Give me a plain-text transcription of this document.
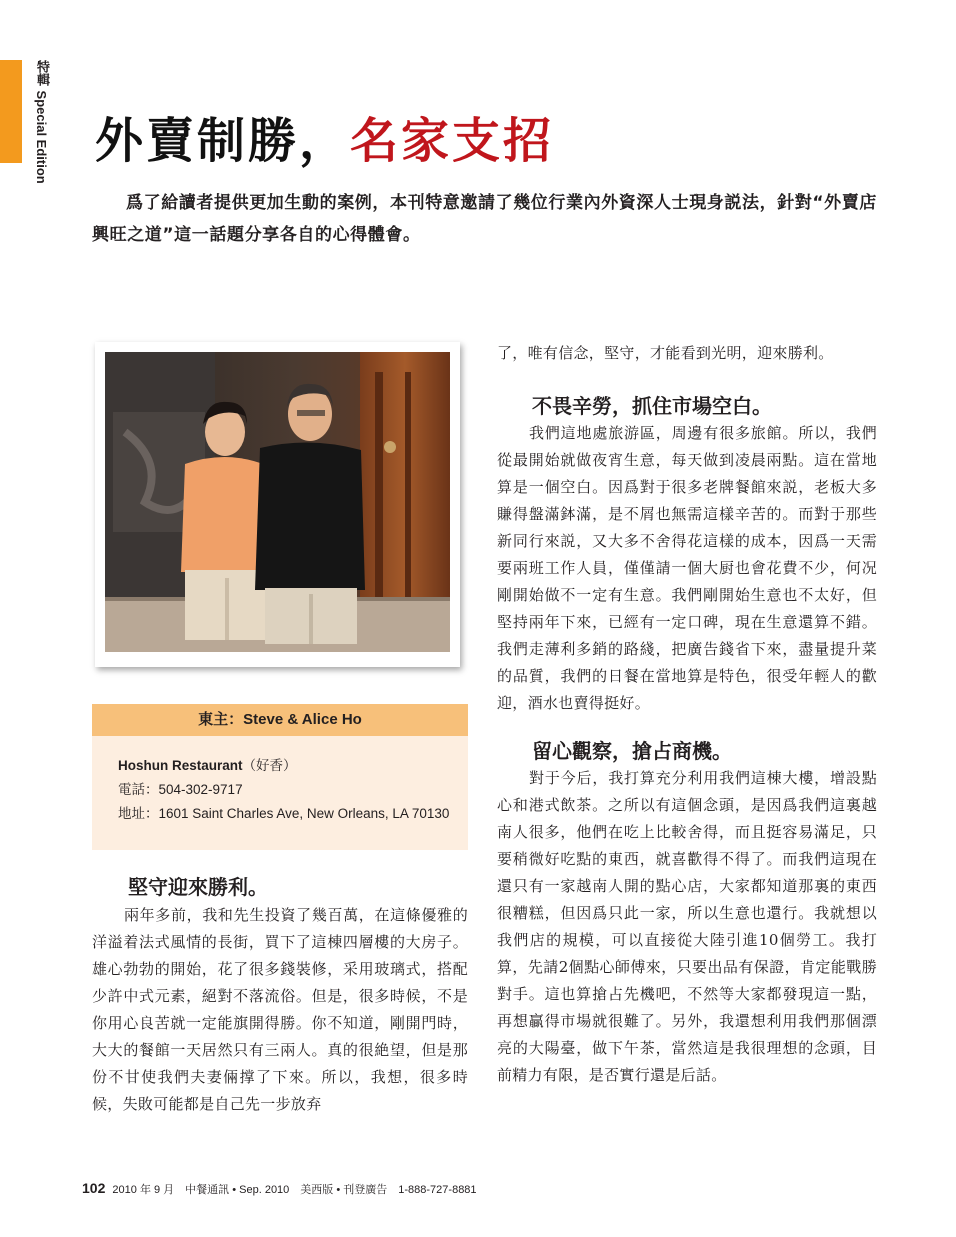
特輯 Special Edition 外賣制勝，名家支招

爲了給讀者提供更加生動的案例，本刊特意邀請了幾位行業內外資深人士現身説法，針對“外賣店興旺之道”這一話題分享各自的心得體會。

東主：Steve & Alice Ho
Hoshun Restaurant（好香）
電話：504-302-9717
地址：1601 Saint Charles Ave, New Orleans, LA 70130
堅守迎來勝利。

兩年多前，我和先生投資了幾百萬，在這條優雅的洋溢着法式風情的長街，買下了這棟四層樓的大房子。雄心勃勃的開始，花了很多錢裝修，采用玻璃式，搭配少許中式元素，絕對不落流俗。但是，很多時候，不是你用心良苦就一定能旗開得勝。你不知道，剛開門時，大大的餐館一天居然只有三兩人。真的很絶望，但是那份不甘使我們夫妻倆撑了下來。所以，我想，很多時候，失敗可能都是自己先一步放弃

了，唯有信念，堅守，才能看到光明，迎來勝利。

不畏辛勞，抓住市場空白。

我們這地處旅游區，周邊有很多旅館。所以，我們從最開始就做夜宵生意，每天做到凌晨兩點。這在當地算是一個空白。因爲對于很多老牌餐館來説，老板大多賺得盤滿鉢滿，是不屑也無需這樣辛苦的。而對于那些新同行來説，又大多不舍得花這樣的成本，因爲一天需要兩班工作人員，僅僅請一個大厨也會花費不少，何况剛開始做不一定有生意。我們剛開始生意也不太好，但堅持兩年下來，已經有一定口碑，現在生意還算不錯。我們走薄利多銷的路綫，把廣告錢省下來，盡量提升菜的品質，我們的日餐在當地算是特色，很受年輕人的歡迎，酒水也賣得挺好。

留心觀察，搶占商機。

對于今后，我打算充分利用我們這棟大樓，增設點心和港式飲茶。之所以有這個念頭，是因爲我們這裏越南人很多，他們在吃上比較舍得，而且挺容易滿足，只要稍微好吃點的東西，就喜歡得不得了。而我們這現在還只有一家越南人開的點心店，大家都知道那裏的東西很糟糕，但因爲只此一家，所以生意也還行。我就想以我們店的規模，可以直接從大陸引進10個勞工。我打算，先請2個點心師傅來，只要出品有保證，肯定能戰勝對手。這也算搶占先機吧，不然等大家都發現這一點，再想贏得市場就很難了。另外，我還想利用我們那個漂亮的大陽臺，做下午茶，當然這是我很理想的念頭，目前精力有限，是否實行還是后話。

102 2010 年 9 月　中餐通訊 • Sep. 2010　美西版 • 刊登廣告　1-888-727-8881
